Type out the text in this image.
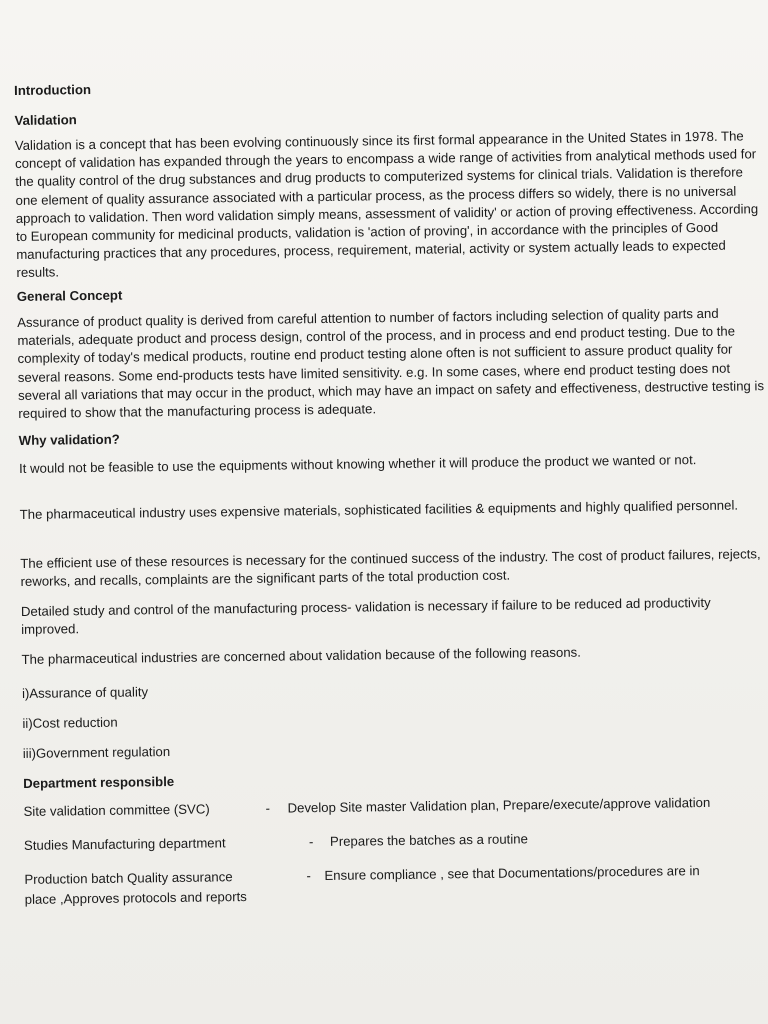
Introduction
Validation

Validation is a concept that has been evolving continuously since its first formal appearance in the United States in 1978. The concept of validation has expanded through the years to encompass a wide range of activities from analytical methods used for the quality control of the drug substances and drug products to computerized systems for clinical trials. Validation is therefore one element of quality assurance associated with a particular process, as the process differs so widely, there is no universal approach to validation. Then word validation simply means, assessment of validity' or action of proving effectiveness. According to European community for medicinal products, validation is 'action of proving', in accordance with the principles of Good manufacturing practices that any procedures, process, requirement, material, activity or system actually leads to expected results.

General Concept

Assurance of product quality is derived from careful attention to number of factors including selection of quality parts and materials, adequate product and process design, control of the process, and in process and end product testing. Due to the complexity of today's medical products, routine end product testing alone often is not sufficient to assure product quality for several reasons. Some end-products tests have limited sensitivity. e.g. In some cases, where end product testing does not several all variations that may occur in the product, which may have an impact on safety and effectiveness, destructive testing is required to show that the manufacturing process is adequate.

Why validation?

It would not be feasible to use the equipments without knowing whether it will produce the product we wanted or not.

The pharmaceutical industry uses expensive materials, sophisticated facilities & equipments and highly qualified personnel.

The efficient use of these resources is necessary for the continued success of the industry. The cost of product failures, rejects, reworks, and recalls, complaints are the significant parts of the total production cost.

Detailed study and control of the manufacturing process- validation is necessary if failure to be reduced ad productivity improved.

The pharmaceutical industries are concerned about validation because of the following reasons.

i)Assurance of quality
ii)Cost reduction
iii)Government regulation
Department responsible
Site validation committee (SVC)	- Develop Site master Validation plan, Prepare/execute/approve validation
Studies Manufacturing department	- Prepares the batches as a routine
Production batch Quality assurance	- Ensure compliance , see that Documentations/procedures are in
place ,Approves protocols and reports
